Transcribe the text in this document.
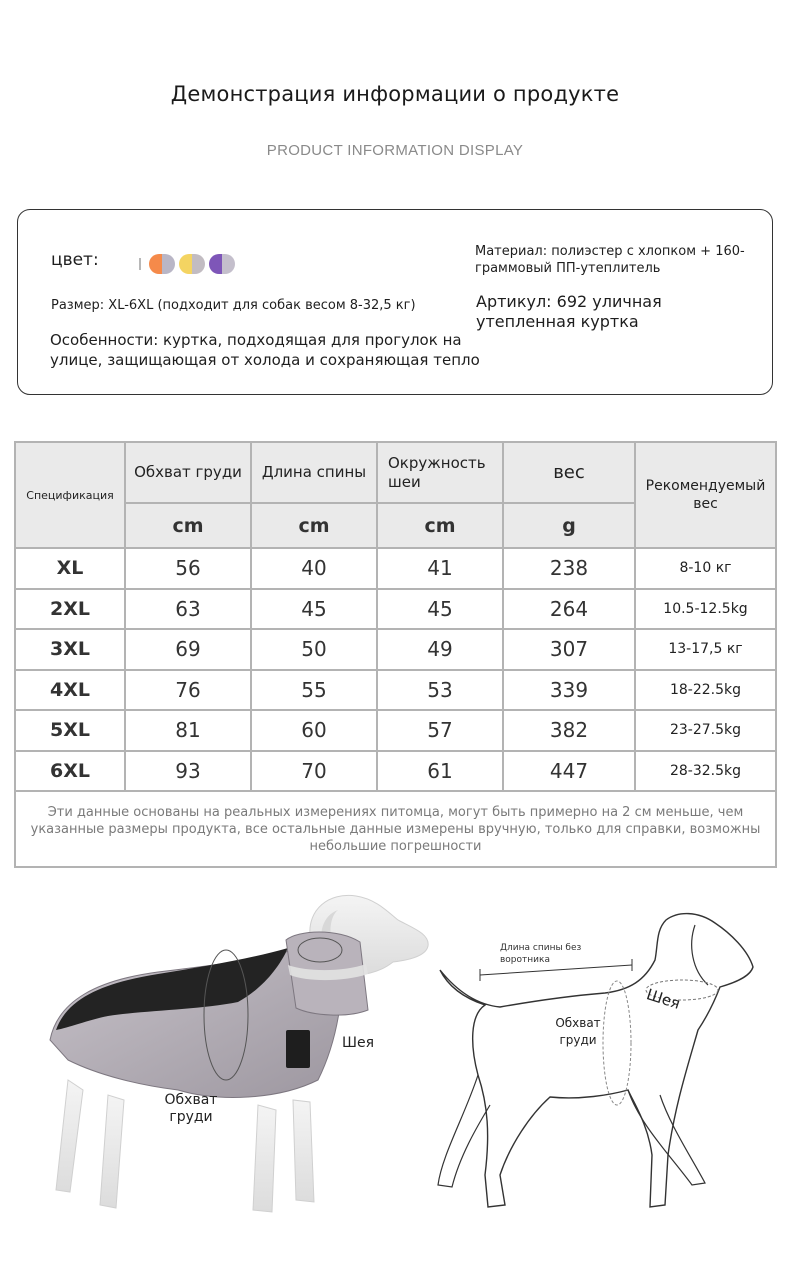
Демонстрация информации о продукте
PRODUCT INFORMATION DISPLAY
цвет:
Размер: XL-6XL (подходит для собак весом 8-32,5 кг)
Особенности: куртка, подходящая для прогулок на улице, защищающая от холода и сохраняющая тепло
Материал: полиэстер с хлопком + 160-граммовый ПП-утеплитель
Артикул: 692 уличная утепленная куртка
Спецификация	Обхват груди	Длина спины	Окружность шеи	вес	Рекомендуемый вес
	cm	cm	cm	g	
XL	56	40	41	238	8-10 кг
2XL	63	45	45	264	10.5-12.5kg
3XL	69	50	49	307	13-17,5 кг
4XL	76	55	53	339	18-22.5kg
5XL	81	60	57	382	23-27.5kg
6XL	93	70	61	447	28-32.5kg
Эти данные основаны на реальных измерениях питомца, могут быть примерно на 2 см меньше, чем указанные размеры продукта, все остальные данные измерены вручную, только для справки, возможны небольшие погрешности					
Шея
Обхват груди
Длина спины без воротника
Шея
Обхват груди
